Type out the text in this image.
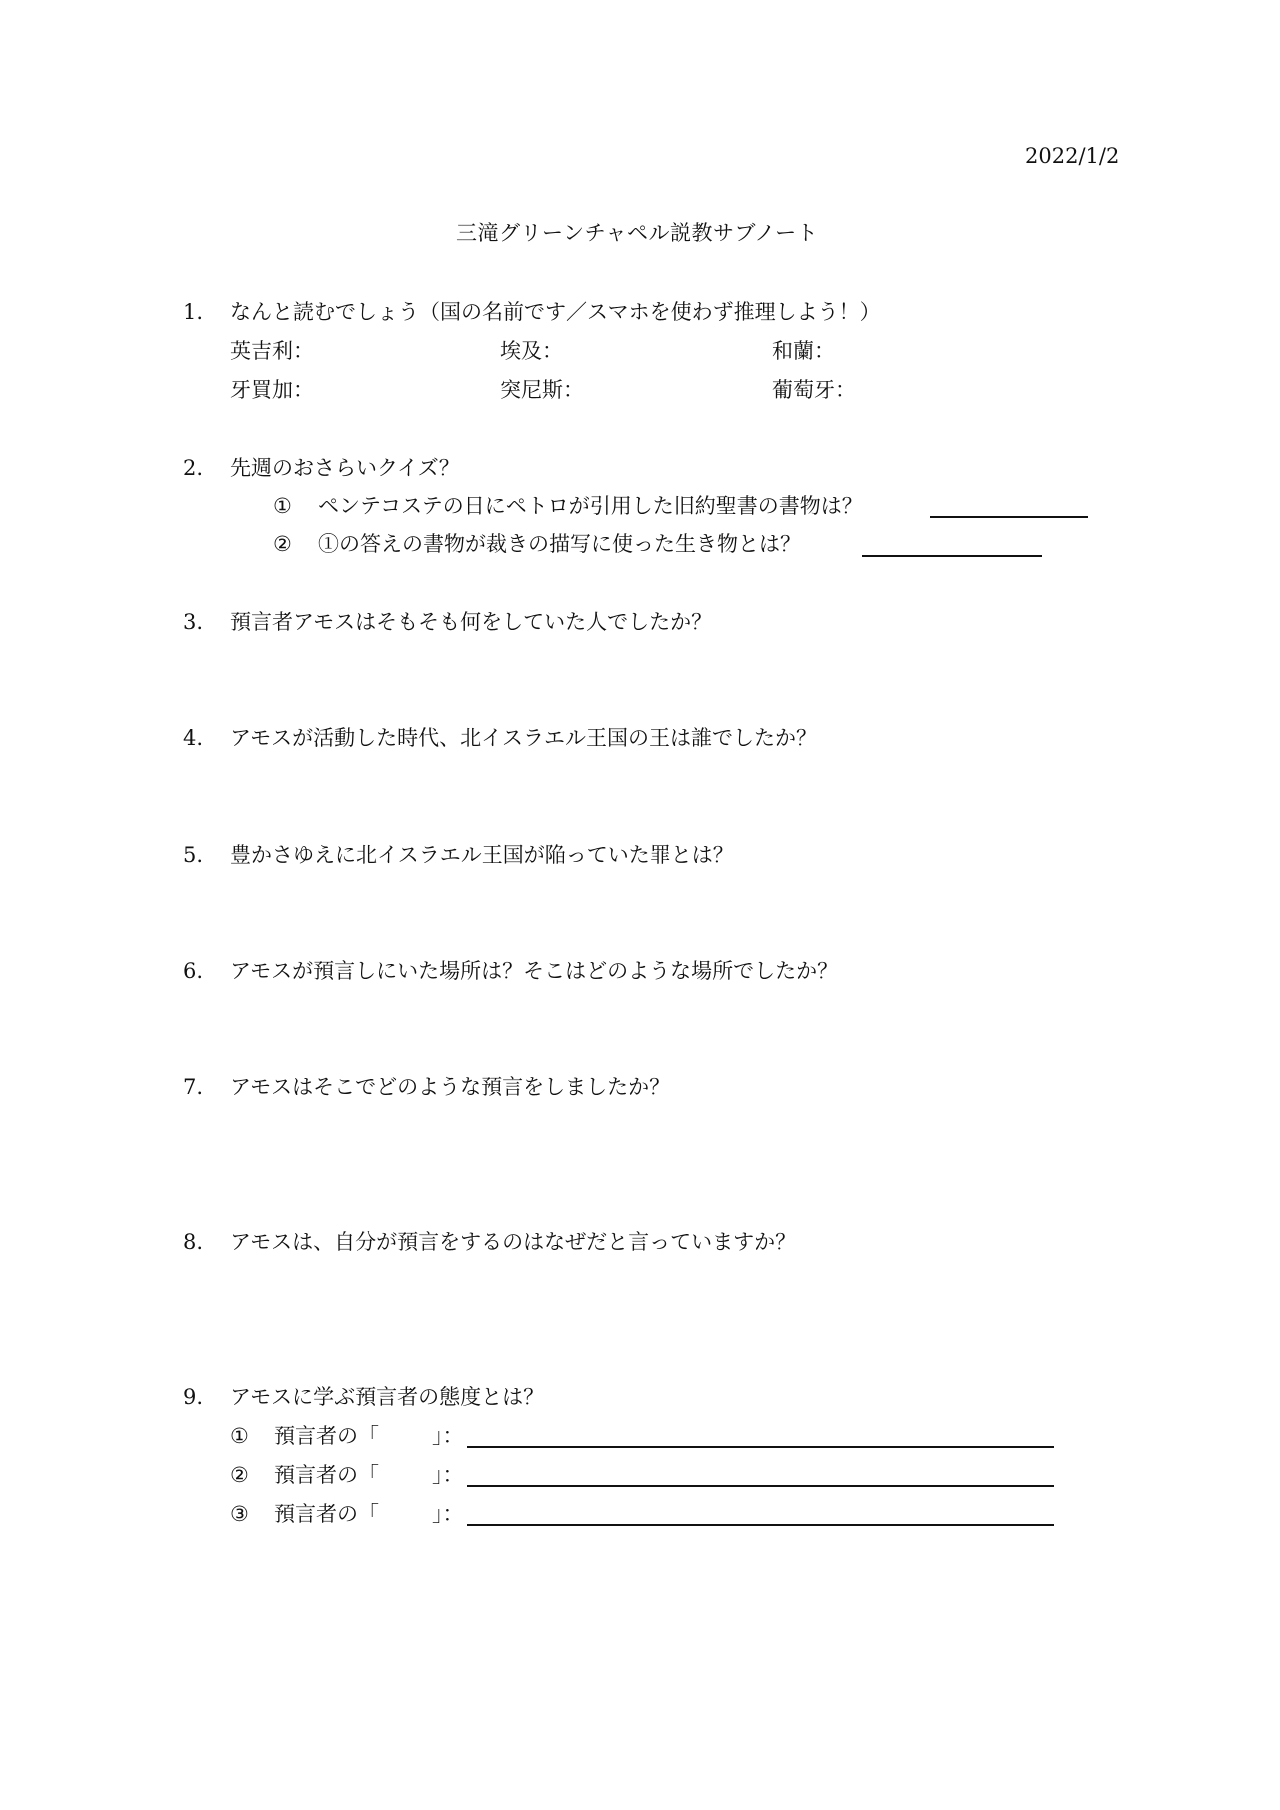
2022/1/2
三滝グリーンチャペル説教サブノート
1. なんと読むでしょう（国の名前です／スマホを使わず推理しよう！）
英吉利：	埃及：	和蘭：
牙買加：	突尼斯：	葡萄牙：
2. 先週のおさらいクイズ？
① ペンテコステの日にペトロが引用した旧約聖書の書物は？
② ①の答えの書物が裁きの描写に使った生き物とは？
3. 預言者アモスはそもそも何をしていた人でしたか？
4. アモスが活動した時代、北イスラエル王国の王は誰でしたか？
5. 豊かさゆえに北イスラエル王国が陥っていた罪とは？
6. アモスが預言しにいた場所は？そこはどのような場所でしたか？
7. アモスはそこでどのような預言をしましたか？
8. アモスは、自分が預言をするのはなぜだと言っていますか？
9. アモスに学ぶ預言者の態度とは？
① 預言者の「	」：
② 預言者の「	」：
③ 預言者の「	」：
